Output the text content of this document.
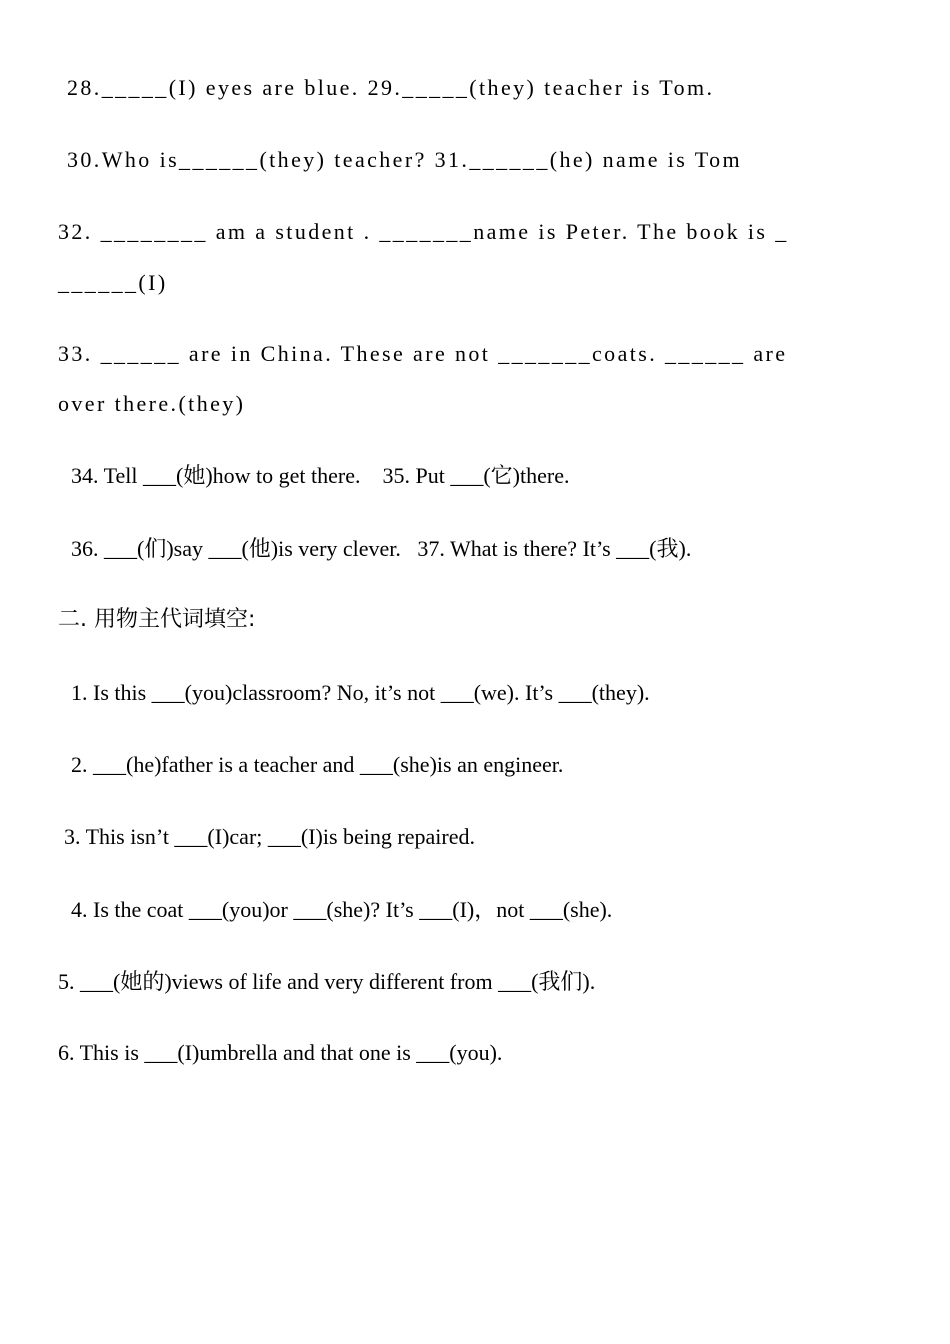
28._____(I) eyes are blue. 29._____(they) teacher is Tom.
30.Who is______(they) teacher? 31.______(he) name is Tom
32. ________ am a student . _______name is Peter. The book is _
______(I)
33. ______ are in China. These are not _______coats. ______ are
over there.(they)
34. Tell ___(她)how to get there.    35. Put ___(它)there.
36. ___(们)say ___(他)is very clever.   37. What is there? It’s ___(我).
二. 用物主代词填空:
1. Is this ___(you)classroom? No, it’s not ___(we). It’s ___(they).
2. ___(he)father is a teacher and ___(she)is an engineer.
3. This isn’t ___(I)car; ___(I)is being repaired.
4. Is the coat ___(you)or ___(she)? It’s ___(I)，not ___(she).
5. ___(她的)views of life and very different from ___(我们).
6. This is ___(I)umbrella and that one is ___(you).
